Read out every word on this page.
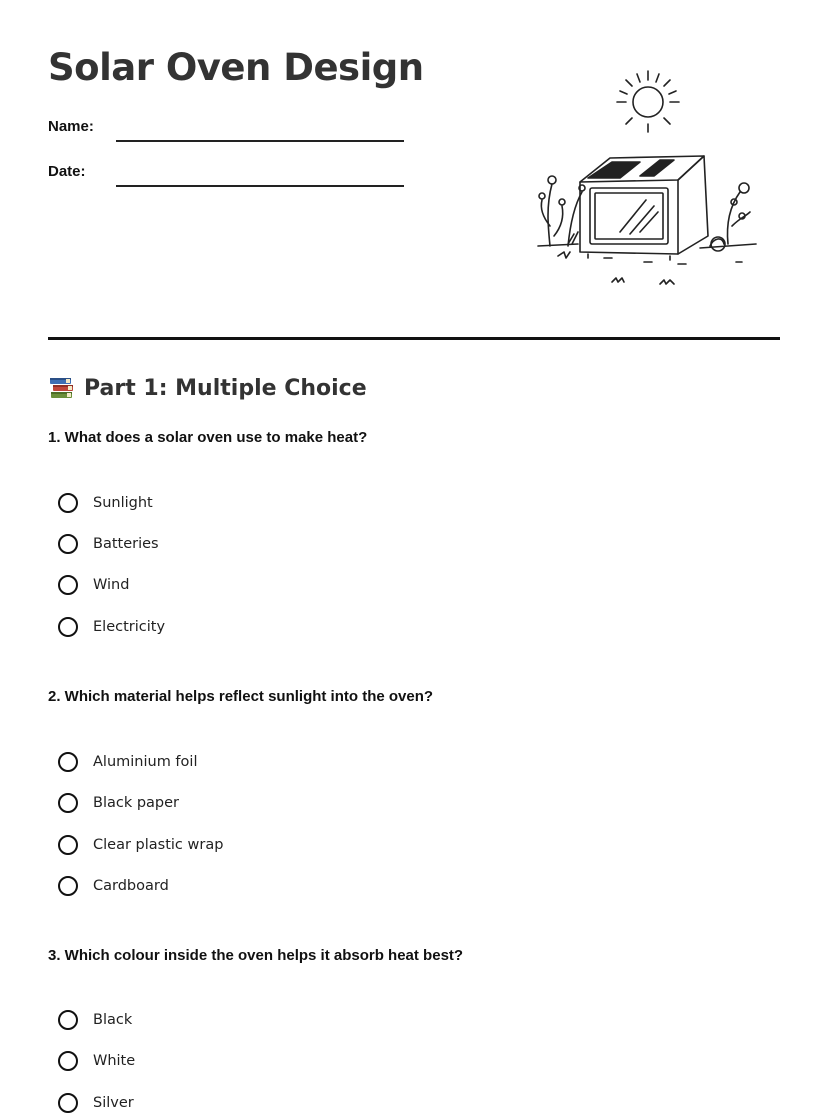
Solar Oven Design
Name:
Date:
Part 1: Multiple Choice

1. What does a solar oven use to make heat?

Sunlight
Batteries
Wind
Electricity

2. Which material helps reflect sunlight into the oven?

Aluminium foil
Black paper
Clear plastic wrap
Cardboard

3. Which colour inside the oven helps it absorb heat best?

Black
White
Silver
